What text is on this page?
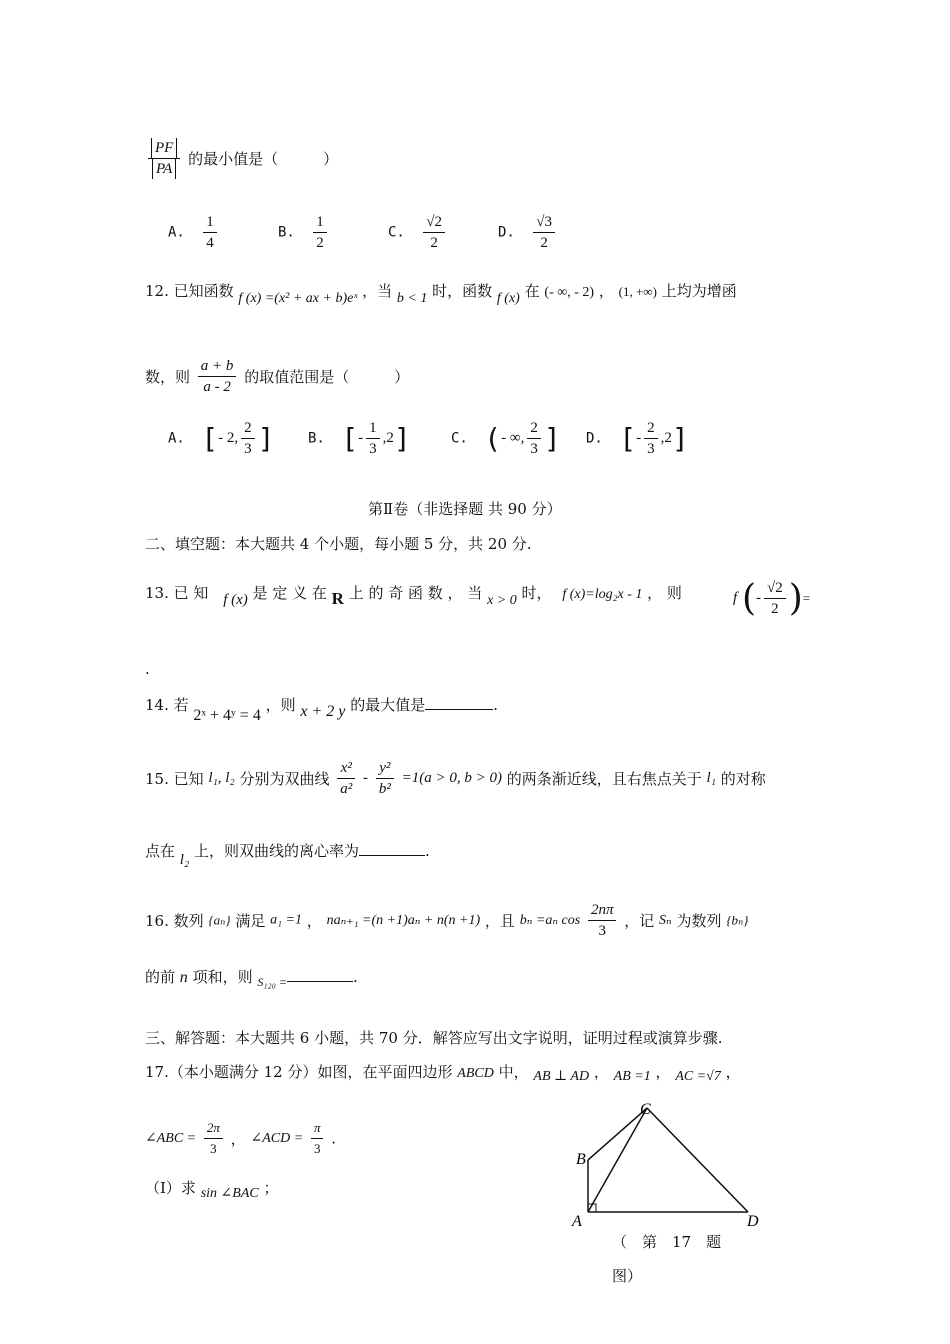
$\frac{PF}{PA}$ 的最小值是（　　　）
A. $\frac{1}{4}$	B. $\frac{1}{2}$	C. $\frac{√2}{2}$	D. $\frac{√3}{2}$
12. 已知函数 f (x) =(x² + ax + b)eˣ ，当 b < 1 时，函数 f (x) 在 (- ∞, - 2) ， (1, +∞) 上均为增函
数，则 $\frac{a + b}{a - 2}$ 的取值范围是（　　　）
A. [- 2, $\frac{2}{3}$ ] B. [- $\frac{1}{3} ,2$]	C. (- ∞, $\frac{2}{3}$ ] D. [- $\frac{2}{3} ,2$]
第Ⅱ卷（非选择题 共 90 分）
二、填空题：本大题共 4 个小题，每小题 5 分，共 20 分.
13. 已 知 f (x) 是 定 义 在 R 上 的 奇 函 数 ， 当 x > 0 时， f (x)=log₂x - 1 ， 则	f (- $\frac{√2}{2}$ )=
.
14. 若 2ˣ + 4ʸ = 4 ，则 x + 2 y 的最大值是	.
15. 已知 l₁, l₂ 分别为双曲线 $\frac{\text{x²}}{\text{a²}} - \frac{\text{y²}}{\text{b²}} =1(a > 0$, b > 0) 的两条渐近线，且右焦点关于 l₁ 的对称
点在 l₂ 上，则双曲线的离心率为	.
16. 数列 {aₙ} 满足 a₁ =1 ， naₙ₊₁ =(n +1)aₙ + n(n +1) ，且 bₙ =aₙ $\cos \frac{2n\pi}{3}$ ，记 Sₙ 为数列 {bₙ}
的前 n 项和，则 $_{S_{120} =}$	.
三、解答题：本大题共 6 小题，共 70 分．解答应写出文字说明，证明过程或演算步骤.
17.（本小题满分 12 分）如图，在平面四边形 ABCD 中， AB ⊥ AD ， AB =1 ， AC =√7 ，
∠ABC = $\frac{2\pi}{3}$ ， ∠ACD = $\frac{\pi}{3}$ .
（Ⅰ）求 sin ∠BAC ；
A
B
C
D
（　第　17　题
图）
